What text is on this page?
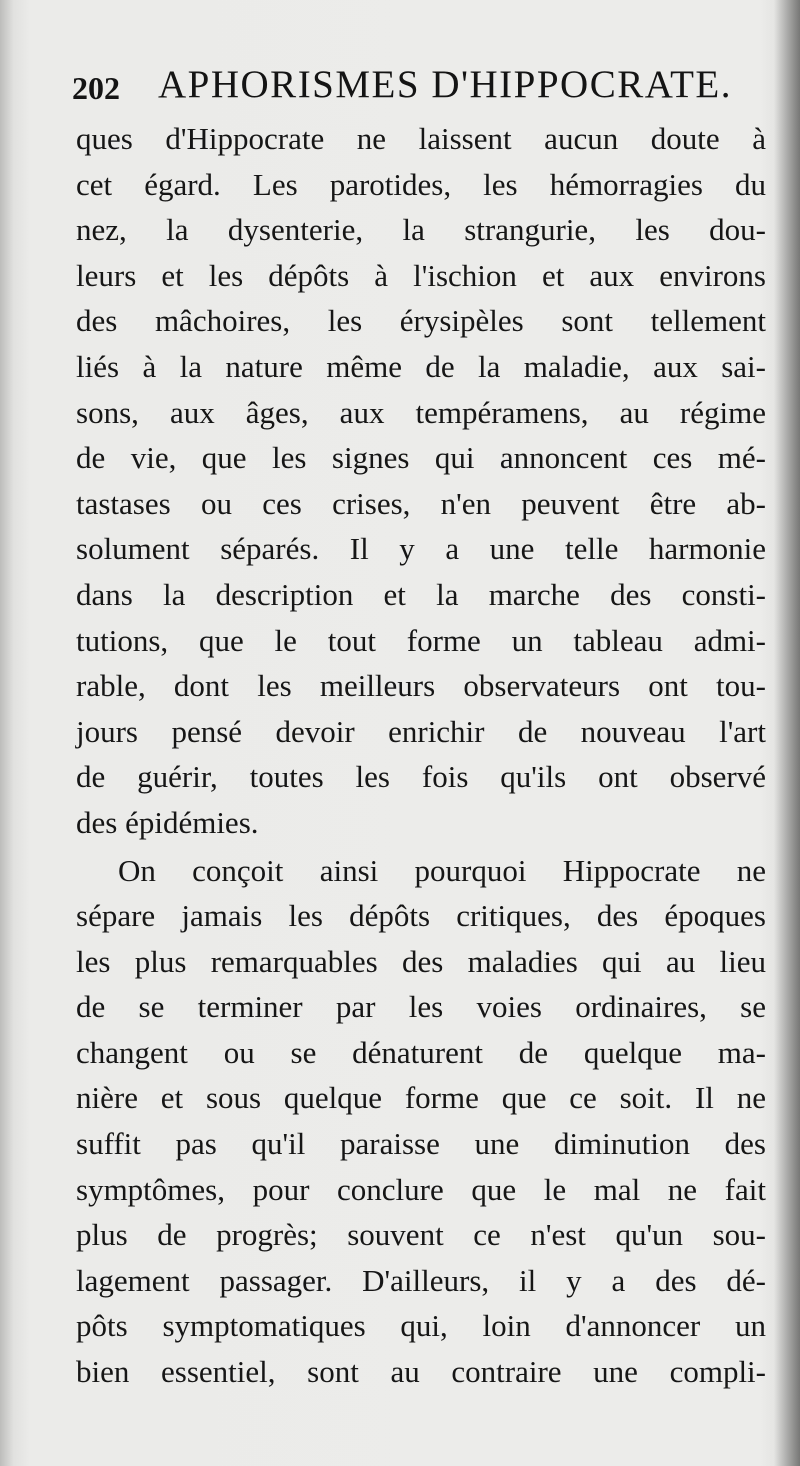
202 APHORISMES D'HIPPOCRATE.
ques d'Hippocrate ne laissent aucun doute à
cet égard. Les parotides, les hémorragies du
nez, la dysenterie, la strangurie, les dou-
leurs et les dépôts à l'ischion et aux environs
des mâchoires, les érysipèles sont tellement
liés à la nature même de la maladie, aux sai-
sons, aux âges, aux tempéramens, au régime
de vie, que les signes qui annoncent ces mé-
tastases ou ces crises, n'en peuvent être ab-
solument séparés. Il y a une telle harmonie
dans la description et la marche des consti-
tutions, que le tout forme un tableau admi-
rable, dont les meilleurs observateurs ont tou-
jours pensé devoir enrichir de nouveau l'art
de guérir, toutes les fois qu'ils ont observé
des épidémies.
On conçoit ainsi pourquoi Hippocrate ne
sépare jamais les dépôts critiques, des époques
les plus remarquables des maladies qui au lieu
de se terminer par les voies ordinaires, se
changent ou se dénaturent de quelque ma-
nière et sous quelque forme que ce soit. Il ne
suffit pas qu'il paraisse une diminution des
symptômes, pour conclure que le mal ne fait
plus de progrès; souvent ce n'est qu'un sou-
lagement passager. D'ailleurs, il y a des dé-
pôts symptomatiques qui, loin d'annoncer un
bien essentiel, sont au contraire une compli-
